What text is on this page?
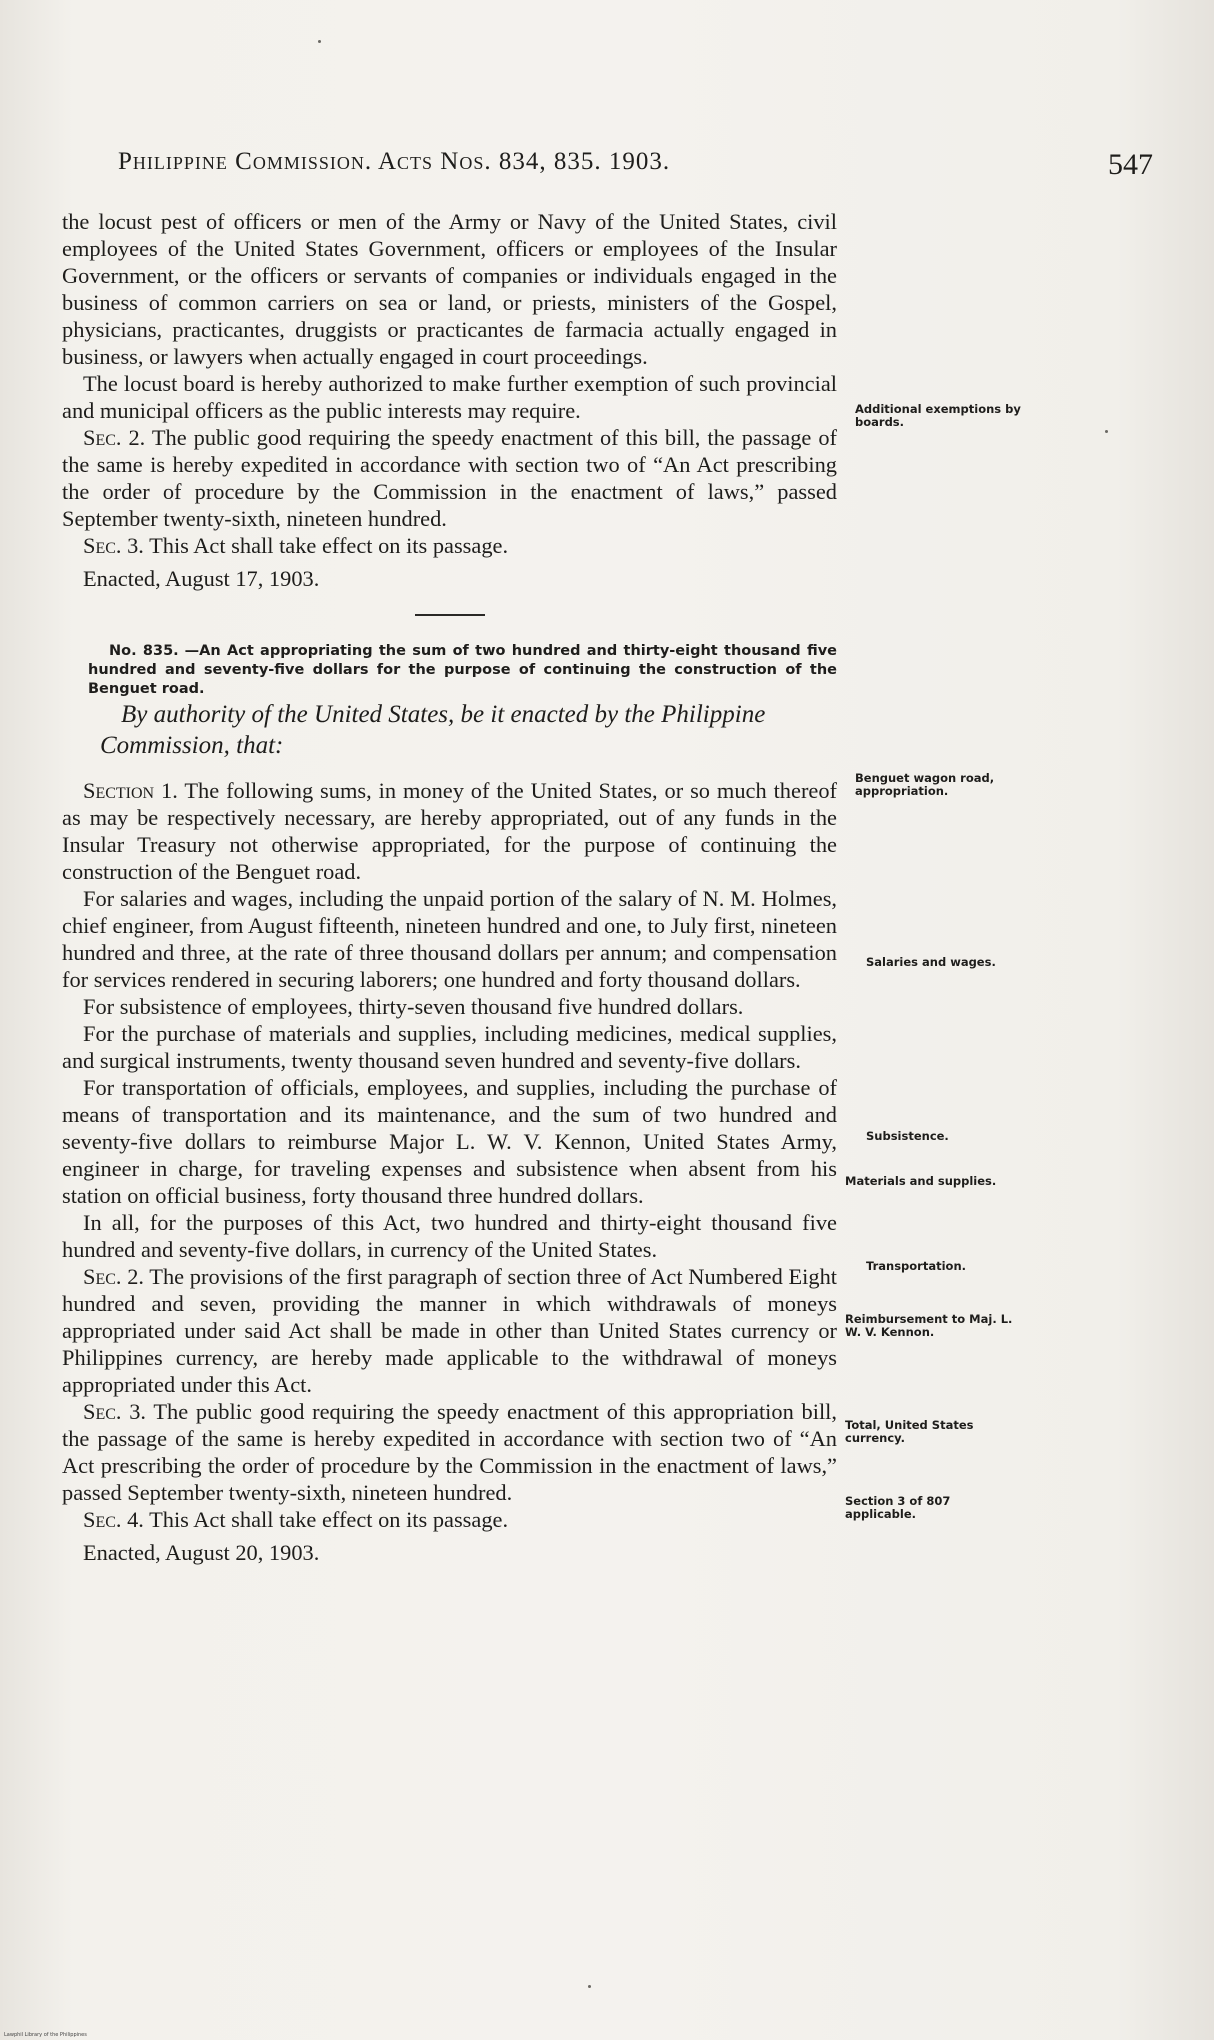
Philippine Commission. Acts Nos. 834, 835. 1903.	547

the locust pest of officers or men of the Army or Navy of the United States, civil employees of the United States Government, officers or employees of the Insular Government, or the officers or servants of companies or individuals engaged in the business of common carriers on sea or land, or priests, ministers of the Gospel, physicians, practicantes, druggists or practicantes de farmacia actually engaged in business, or lawyers when actually engaged in court proceedings.

The locust board is hereby authorized to make further exemption of such provincial and municipal officers as the public interests may require.

Sec. 2. The public good requiring the speedy enactment of this bill, the passage of the same is hereby expedited in accordance with section two of “An Act prescribing the order of procedure by the Commission in the enactment of laws,” passed September twenty-sixth, nineteen hundred.

Sec. 3. This Act shall take effect on its passage.

Enacted, August 17, 1903.

No. 835. —An Act appropriating the sum of two hundred and thirty-eight thousand five hundred and seventy-five dollars for the purpose of continuing the construction of the Benguet road.

By authority of the United States, be it enacted by the Philippine Commission, that:

Section 1. The following sums, in money of the United States, or so much thereof as may be respectively necessary, are hereby appropriated, out of any funds in the Insular Treasury not otherwise appropriated, for the purpose of continuing the construction of the Benguet road.

For salaries and wages, including the unpaid portion of the salary of N. M. Holmes, chief engineer, from August fifteenth, nineteen hundred and one, to July first, nineteen hundred and three, at the rate of three thousand dollars per annum; and compensation for services rendered in securing laborers; one hundred and forty thousand dollars.

For subsistence of employees, thirty-seven thousand five hundred dollars.

For the purchase of materials and supplies, including medicines, medical supplies, and surgical instruments, twenty thousand seven hundred and seventy-five dollars.

For transportation of officials, employees, and supplies, including the purchase of means of transportation and its maintenance, and the sum of two hundred and seventy-five dollars to reimburse Major L. W. V. Kennon, United States Army, engineer in charge, for traveling expenses and subsistence when absent from his station on official business, forty thousand three hundred dollars.

In all, for the purposes of this Act, two hundred and thirty-eight thousand five hundred and seventy-five dollars, in currency of the United States.

Sec. 2. The provisions of the first paragraph of section three of Act Numbered Eight hundred and seven, providing the manner in which withdrawals of moneys appropriated under said Act shall be made in other than United States currency or Philippines currency, are hereby made applicable to the withdrawal of moneys appropriated under this Act.

Sec. 3. The public good requiring the speedy enactment of this appropriation bill, the passage of the same is hereby expedited in accordance with section two of “An Act prescribing the order of procedure by the Commission in the enactment of laws,” passed September twenty-sixth, nineteen hundred.

Sec. 4. This Act shall take effect on its passage.

Enacted, August 20, 1903.

Additional exemptions by boards.
Benguet wagon road, appropriation.
Salaries and wages.
Subsistence.
Materials and supplies.
Transportation.
Reimbursement to Maj. L. W. V. Kennon.
Total, United States currency.
Section 3 of 807 applicable.
Lawphil Library of the Philippines
